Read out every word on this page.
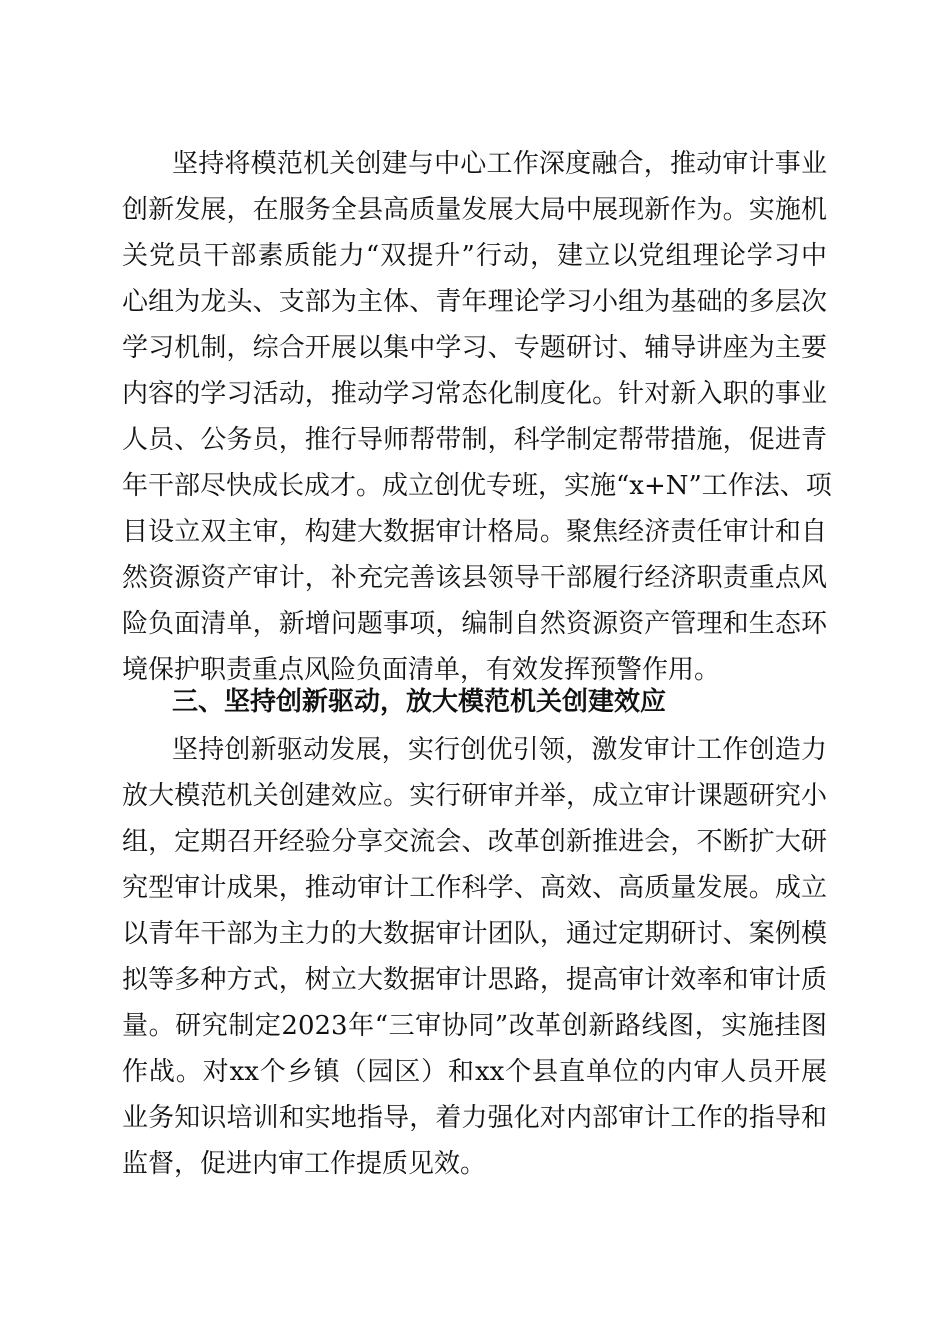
坚持将模范机关创建与中心工作深度融合，推动审计事业
创新发展，在服务全县高质量发展大局中展现新作为。实施机
关党员干部素质能力“双提升”行动，建立以党组理论学习中
心组为龙头、支部为主体、青年理论学习小组为基础的多层次
学习机制，综合开展以集中学习、专题研讨、辅导讲座为主要
内容的学习活动，推动学习常态化制度化。针对新入职的事业
人员、公务员，推行导师帮带制，科学制定帮带措施，促进青
年干部尽快成长成才。成立创优专班，实施“x+N”工作法、项
目设立双主审，构建大数据审计格局。聚焦经济责任审计和自
然资源资产审计，补充完善该县领导干部履行经济职责重点风
险负面清单，新增问题事项，编制自然资源资产管理和生态环
境保护职责重点风险负面清单，有效发挥预警作用。
三、坚持创新驱动，放大模范机关创建效应
坚持创新驱动发展，实行创优引领，激发审计工作创造力
放大模范机关创建效应。实行研审并举，成立审计课题研究小
组，定期召开经验分享交流会、改革创新推进会，不断扩大研
究型审计成果，推动审计工作科学、高效、高质量发展。成立
以青年干部为主力的大数据审计团队，通过定期研讨、案例模
拟等多种方式，树立大数据审计思路，提高审计效率和审计质
量。研究制定2023年“三审协同”改革创新路线图，实施挂图
作战。对xx个乡镇（园区）和xx个县直单位的内审人员开展
业务知识培训和实地指导，着力强化对内部审计工作的指导和
监督，促进内审工作提质见效。
